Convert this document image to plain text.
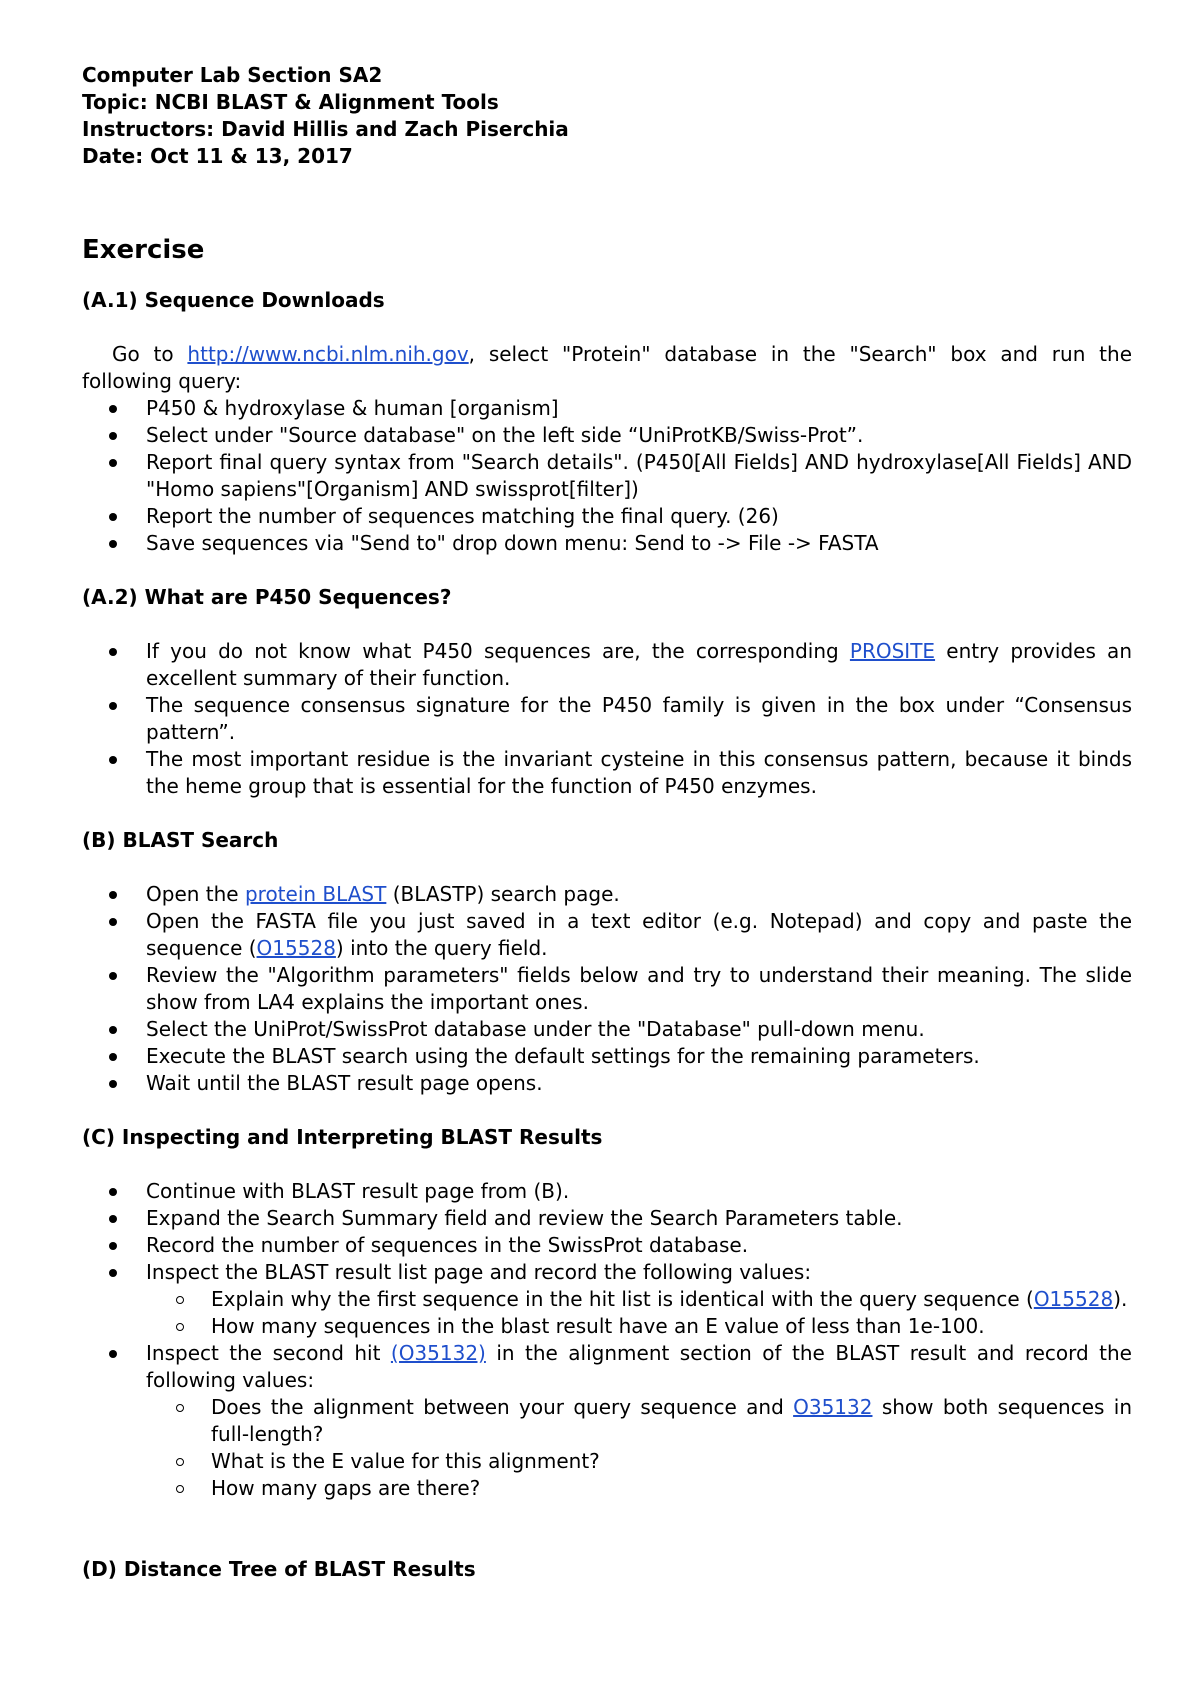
Computer Lab Section SA2

Topic: NCBI BLAST & Alignment Tools

Instructors: David Hillis and Zach Piserchia

Date: Oct 11 & 13, 2017

Exercise
(A.1) Sequence Downloads

Go to http://www.ncbi.nlm.nih.gov, select "Protein" database in the "Search" box and run the following query:

P450 & hydroxylase & human [organism]
Select under "Source database" on the left side “UniProtKB/Swiss-Prot”.
Report final query syntax from "Search details". (P450[All Fields] AND hydroxylase[All Fields] AND "Homo sapiens"[Organism] AND swissprot[filter])
Report the number of sequences matching the final query. (26)
Save sequences via "Send to" drop down menu: Send to -> File -> FASTA
(A.2) What are P450 Sequences?
If you do not know what P450 sequences are, the corresponding PROSITE entry provides an excellent summary of their function.
The sequence consensus signature for the P450 family is given in the box under “Consensus pattern”.
The most important residue is the invariant cysteine in this consensus pattern, because it binds the heme group that is essential for the function of P450 enzymes.
(B) BLAST Search
Open the protein BLAST (BLASTP) search page.
Open the FASTA file you just saved in a text editor (e.g. Notepad) and copy and paste the sequence (O15528) into the query field.
Review the "Algorithm parameters" fields below and try to understand their meaning. The slide show from LA4 explains the important ones.
Select the UniProt/SwissProt database under the "Database" pull-down menu.
Execute the BLAST search using the default settings for the remaining parameters.
Wait until the BLAST result page opens.
(C) Inspecting and Interpreting BLAST Results
Continue with BLAST result page from (B).
Expand the Search Summary field and review the Search Parameters table.
Record the number of sequences in the SwissProt database.
Inspect the BLAST result list page and record the following values:
Explain why the first sequence in the hit list is identical with the query sequence (O15528).
How many sequences in the blast result have an E value of less than 1e-100.
Inspect the second hit (O35132) in the alignment section of the BLAST result and record the following values:
Does the alignment between your query sequence and O35132 show both sequences in full-length?
What is the E value for this alignment?
How many gaps are there?
(D) Distance Tree of BLAST Results
